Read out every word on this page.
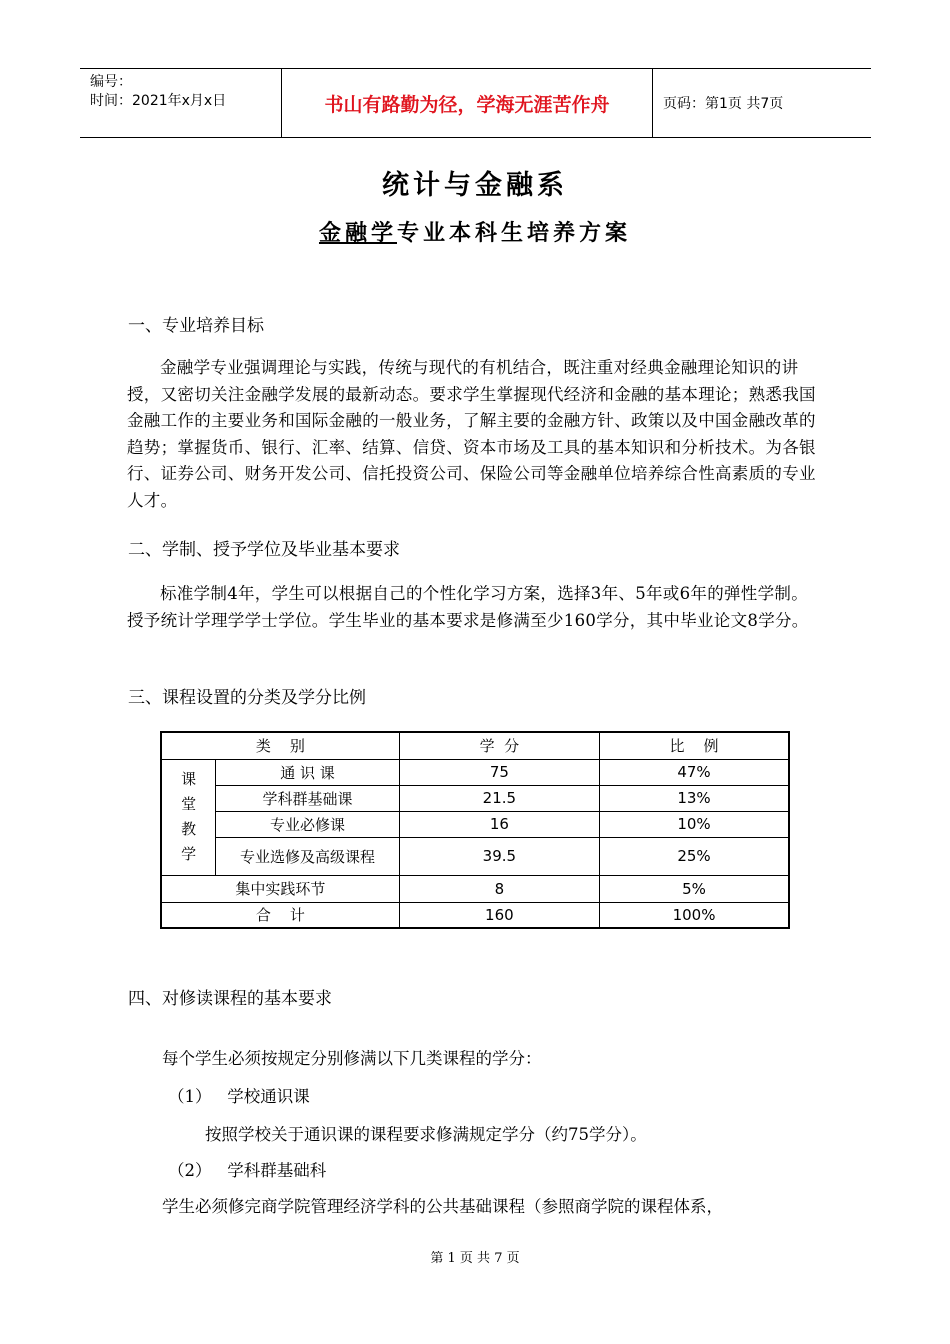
编号：
时间：2021年x月x日	书山有路勤为径，学海无涯苦作舟	页码：第1页 共7页
统计与金融系
金融学专业本科生培养方案
一、专业培养目标
金融学专业强调理论与实践，传统与现代的有机结合，既注重对经典金融理论知识的讲授，又密切关注金融学发展的最新动态。要求学生掌握现代经济和金融的基本理论；熟悉我国金融工作的主要业务和国际金融的一般业务，了解主要的金融方针、政策以及中国金融改革的趋势；掌握货币、银行、汇率、结算、信贷、资本市场及工具的基本知识和分析技术。为各银行、证券公司、财务开发公司、信托投资公司、保险公司等金融单位培养综合性高素质的专业人才。
二、学制、授予学位及毕业基本要求
标准学制4年，学生可以根据自己的个性化学习方案，选择3年、5年或6年的弹性学制。授予统计学理学学士学位。学生毕业的基本要求是修满至少160学分，其中毕业论文8学分。
三、课程设置的分类及学分比例
类    别		学  分	比    例

课
堂
教
学	通 识 课	75	47%
	学科群基础课	21.5	13%
	专业必修课	16	10%
	专业选修及高级课程	39.5	25%
集中实践环节		8	5%
合    计		160	100%
四、对修读课程的基本要求
每个学生必须按规定分别修满以下几类课程的学分：
（1）   学校通识课
按照学校关于通识课的课程要求修满规定学分（约75学分）。
（2）   学科群基础科
学生必须修完商学院管理经济学科的公共基础课程（参照商学院的课程体系，
第 1 页 共 7 页
